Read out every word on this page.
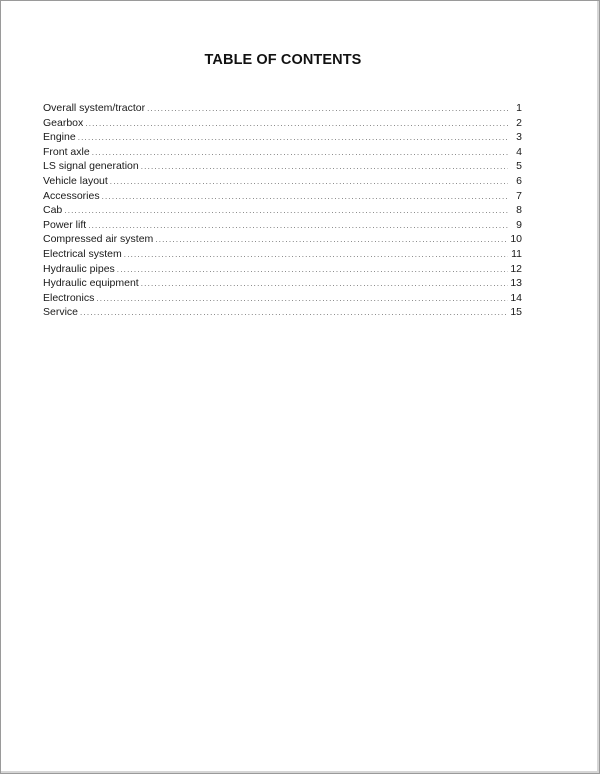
TABLE OF CONTENTS
Overall system/tractor .....	1
Gearbox .....	2
Engine .....	3
Front axle .....	4
LS signal generation .....	5
Vehicle layout .....	6
Accessories .....	7
Cab .....	8
Power lift .....	9
Compressed air system .....	10
Electrical system .....	11
Hydraulic pipes .....	12
Hydraulic equipment .....	13
Electronics .....	14
Service .....	15
